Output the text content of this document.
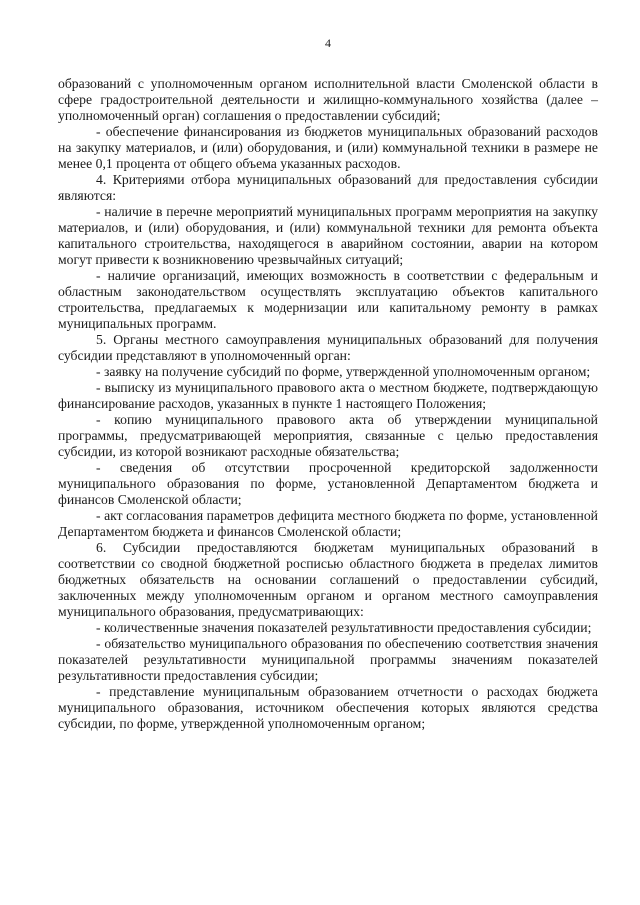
4

образований с уполномоченным органом исполнительной власти Смоленской области в сфере градостроительной деятельности и жилищно-коммунального хозяйства (далее – уполномоченный орган) соглашения о предоставлении субсидий;

- обеспечение финансирования из бюджетов муниципальных образований расходов на закупку материалов, и (или) оборудования, и (или) коммунальной техники в размере не менее 0,1 процента от общего объема указанных расходов.

4. Критериями отбора муниципальных образований для предоставления субсидии являются:

- наличие в перечне мероприятий муниципальных программ мероприятия на закупку материалов, и (или) оборудования, и (или) коммунальной техники для ремонта объекта капитального строительства, находящегося в аварийном состоянии, аварии на котором могут привести к возникновению чрезвычайных ситуаций;

- наличие организаций, имеющих возможность в соответствии с федеральным и областным законодательством осуществлять эксплуатацию объектов капитального строительства, предлагаемых к модернизации или капитальному ремонту в рамках муниципальных программ.

5. Органы местного самоуправления муниципальных образований для получения субсидии представляют в уполномоченный орган:

- заявку на получение субсидий по форме, утвержденной уполномоченным органом;

- выписку из муниципального правового акта о местном бюджете, подтверждающую финансирование расходов, указанных в пункте 1 настоящего Положения;

- копию муниципального правового акта об утверждении муниципальной программы, предусматривающей мероприятия, связанные с целью предоставления субсидии, из которой возникают расходные обязательства;

- сведения об отсутствии просроченной кредиторской задолженности муниципального образования по форме, установленной Департаментом бюджета и финансов Смоленской области;

- акт согласования параметров дефицита местного бюджета по форме, установленной Департаментом бюджета и финансов Смоленской области;

6. Субсидии предоставляются бюджетам муниципальных образований в соответствии со сводной бюджетной росписью областного бюджета в пределах лимитов бюджетных обязательств на основании соглашений о предоставлении субсидий, заключенных между уполномоченным органом и органом местного самоуправления муниципального образования, предусматривающих:

- количественные значения показателей результативности предоставления субсидии;

- обязательство муниципального образования по обеспечению соответствия значения показателей результативности муниципальной программы значениям показателей результативности предоставления субсидии;

- представление муниципальным образованием отчетности о расходах бюджета муниципального образования, источником обеспечения которых являются средства субсидии, по форме, утвержденной уполномоченным органом;
